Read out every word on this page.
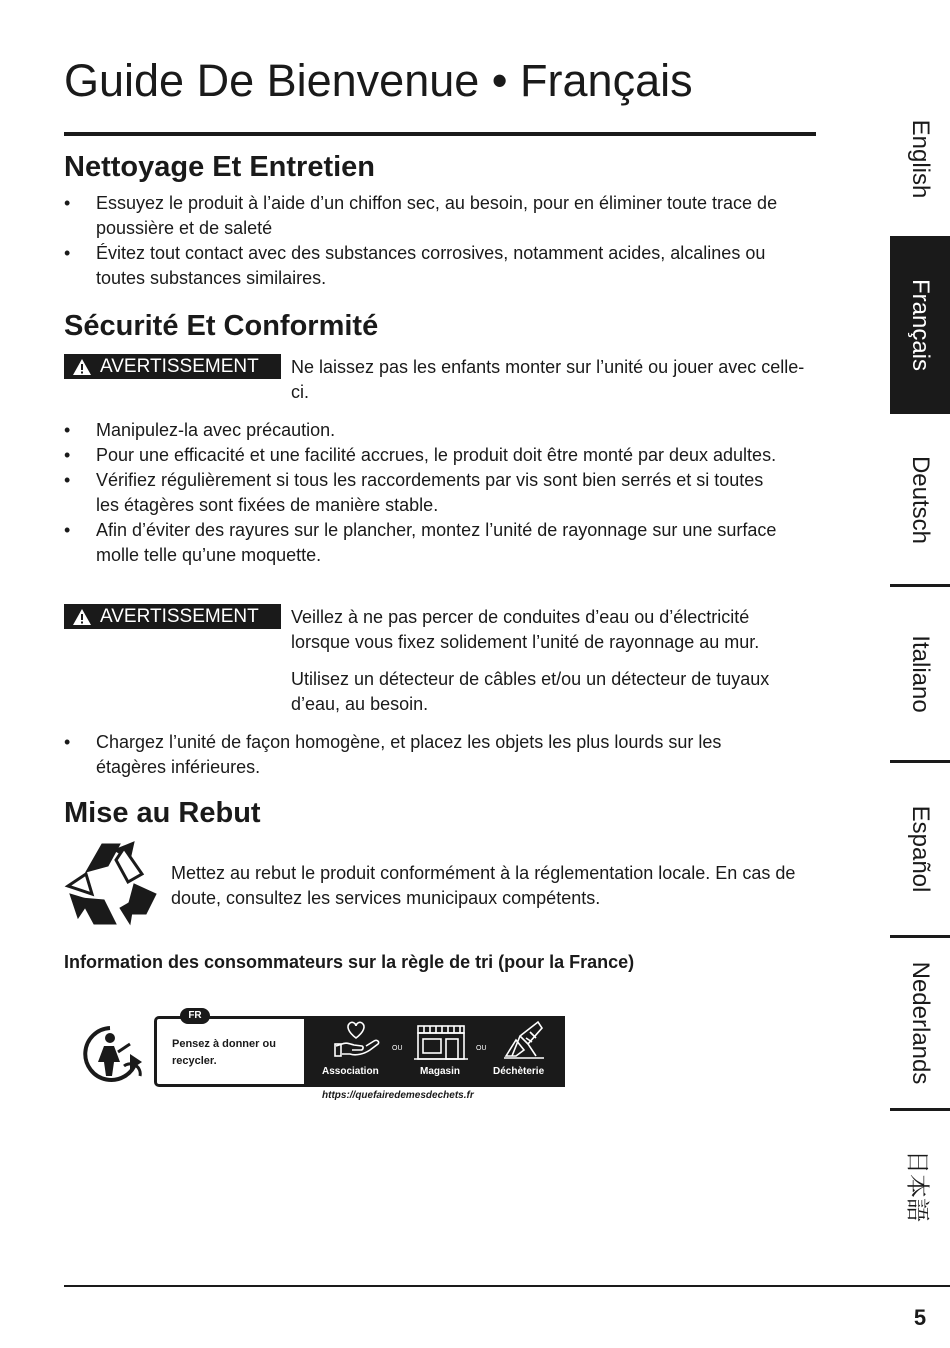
Guide De Bienvenue • Français
Nettoyage Et Entretien
• Essuyez le produit à l’aide d’un chiffon sec, au besoin, pour en éliminer toute trace de poussière et de saleté
• Évitez tout contact avec des substances corrosives, notamment acides, alcalines ou toutes substances similaires.
Sécurité Et Conformité
AVERTISSEMENT Ne laissez pas les enfants monter sur l’unité ou jouer avec celle-ci.

• Manipulez-la avec précaution.
• Pour une efficacité et une facilité accrues, le produit doit être monté par deux adultes.
• Vérifiez régulièrement si tous les raccordements par vis sont bien serrés et si toutes les étagères sont fixées de manière stable.
• Afin d’éviter des rayures sur le plancher, montez l’unité de rayonnage sur une surface molle telle qu’une moquette.
AVERTISSEMENT Veillez à ne pas percer de conduites d’eau ou d’électricité lorsque vous fixez solidement l’unité de rayonnage au mur.

Utilisez un détecteur de câbles et/ou un détecteur de tuyaux d’eau, au besoin.

• Chargez l’unité de façon homogène, et placez les objets les plus lourds sur les étagères inférieures.
Mise au Rebut

Mettez au rebut le produit conformément à la réglementation locale. En cas de doute, consultez les services municipaux compétents.

Information des consommateurs sur la règle de tri (pour la France)

FR

Pensez à donner ou recycler.

OU	OU
Association	Magasin	Déchèterie
https://quefairedemesdechets.fr
English
Français
Deutsch
Italiano
Español
Nederlands
日本語
5
